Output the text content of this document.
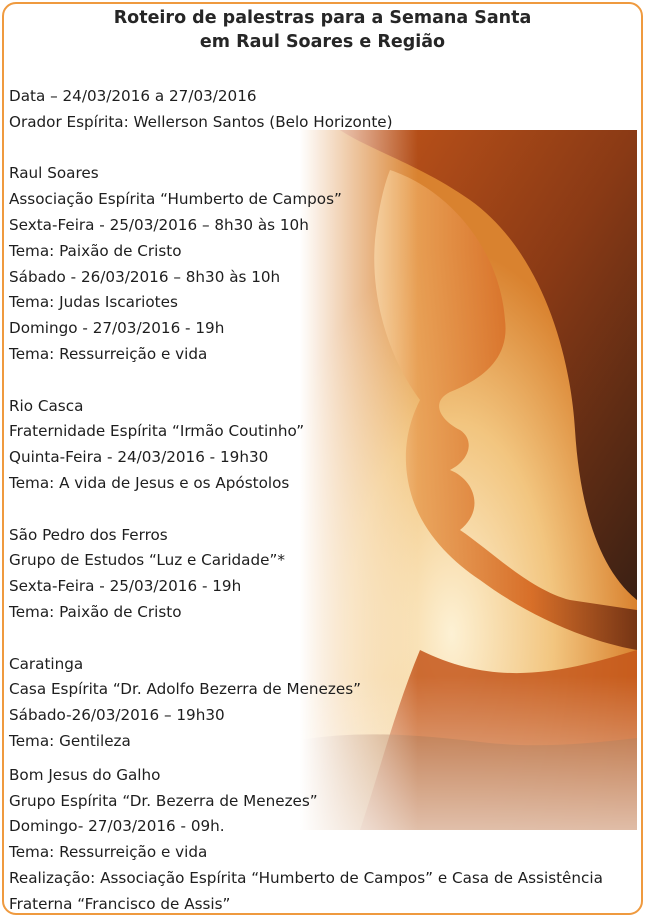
Roteiro de palestras para a Semana Santa
em Raul Soares e Região
Data – 24/03/2016 a 27/03/2016
Orador Espírita: Wellerson Santos (Belo Horizonte)
Raul Soares
Associação Espírita “Humberto de Campos”
Sexta-Feira - 25/03/2016 – 8h30 às 10h
Tema: Paixão de Cristo
Sábado - 26/03/2016 – 8h30 às 10h
Tema: Judas Iscariotes
Domingo - 27/03/2016 - 19h
Tema: Ressurreição e vida
Rio Casca
Fraternidade Espírita “Irmão Coutinho”
Quinta-Feira - 24/03/2016 - 19h30
Tema: A vida de Jesus e os Apóstolos
São Pedro dos Ferros
Grupo de Estudos “Luz e Caridade”*
Sexta-Feira - 25/03/2016 - 19h
Tema: Paixão de Cristo
Caratinga
Casa Espírita “Dr. Adolfo Bezerra de Menezes”
Sábado-26/03/2016 – 19h30
Tema: Gentileza
Bom Jesus do Galho
Grupo Espírita “Dr. Bezerra de Menezes”
Domingo- 27/03/2016 - 09h.
Tema: Ressurreição e vida
Realização: Associação Espírita “Humberto de Campos” e Casa de Assistência
Fraterna “Francisco de Assis”
